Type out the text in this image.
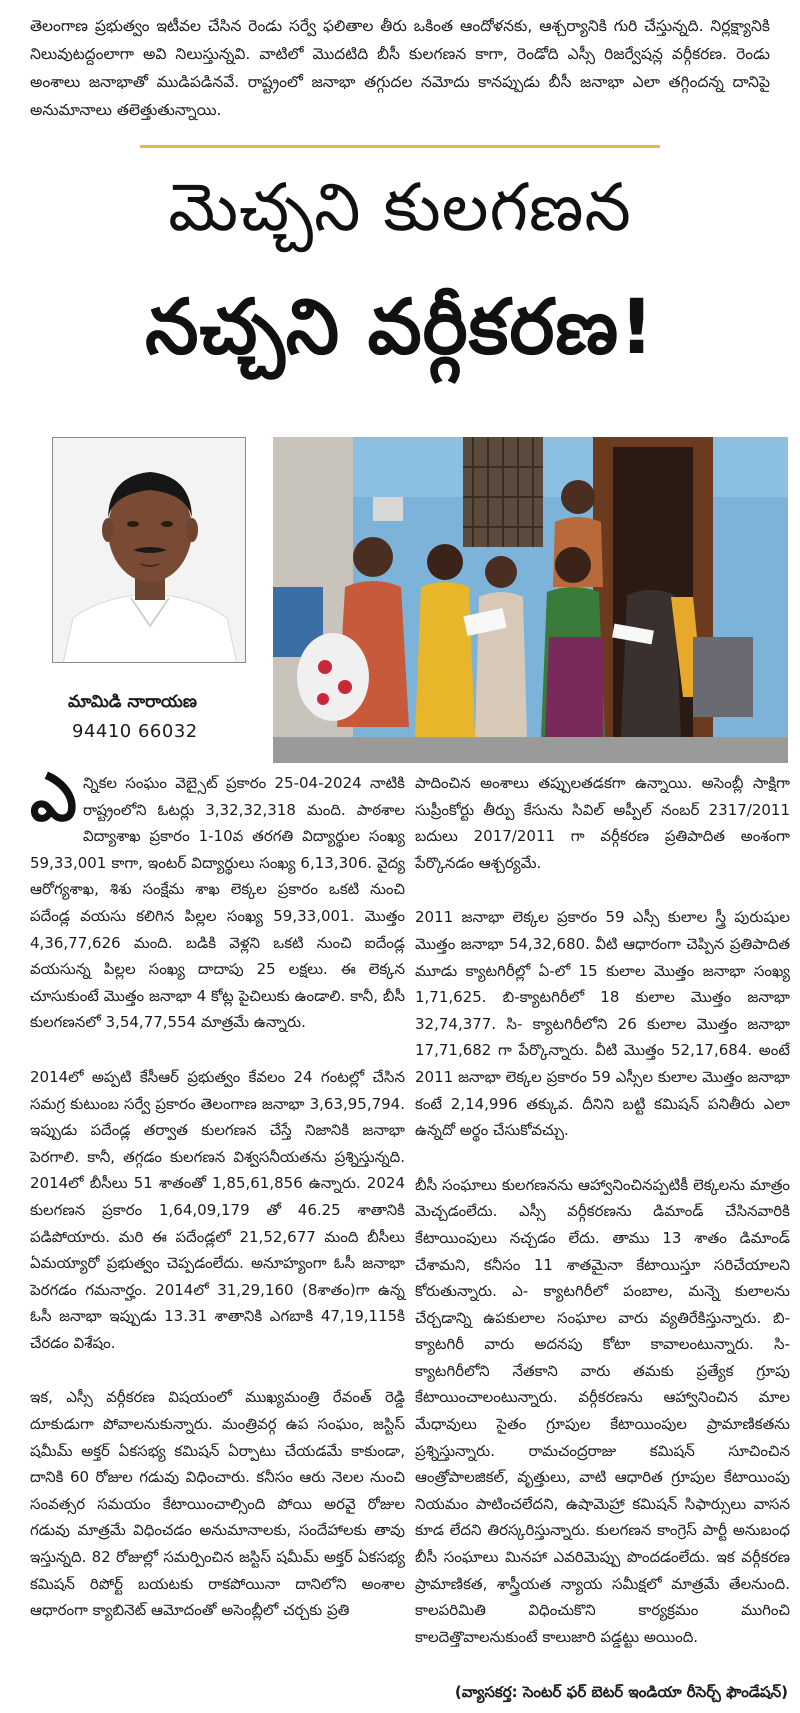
తెలంగాణ ప్రభుత్వం ఇటీవల చేసిన రెండు సర్వే ఫలితాల తీరు ఒకింత ఆందోళనకు, ఆశ్చర్యానికి గురి చేస్తున్నది. నిర్లక్ష్యానికి నిలువుటద్దంలాగా అవి నిలుస్తున్నవి. వాటిలో మొదటిది బీసీ కులగణన కాగా, రెండోది ఎస్సీ రిజర్వేషన్ల వర్గీకరణ. రెండు అంశాలు జనాభాతో ముడిపడినవే. రాష్ట్రంలో జనాభా తగ్గుదల నమోదు కానప్పుడు బీసీ జనాభా ఎలా తగ్గిందన్న దానిపై అనుమానాలు తలెత్తుతున్నాయి.
మెచ్చని కులగణన
నచ్చని వర్గీకరణ!
మామిడి నారాయణ
94410 66032

ఎన్నికల సంఘం వెబ్సైట్ ప్రకారం 25-04-2024 నాటికి రాష్ట్రంలోని ఓటర్లు 3,32,32,318 మంది. పాఠశాల విద్యాశాఖ ప్రకారం 1-10వ తరగతి విద్యార్థుల సంఖ్య 59,33,001 కాగా, ఇంటర్ విద్యార్థులు సంఖ్య 6,13,306. వైద్య ఆరోగ్యశాఖ, శిశు సంక్షేమ శాఖ లెక్కల ప్రకారం ఒకటి నుంచి పదేండ్ల వయసు కలిగిన పిల్లల సంఖ్య 59,33,001. మొత్తం 4,36,77,626 మంది. బడికి వెళ్లని ఒకటి నుంచి ఐదేండ్ల వయసున్న పిల్లల సంఖ్య దాదాపు 25 లక్షలు. ఈ లెక్కన చూసుకుంటే మొత్తం జనాభా 4 కోట్ల పైచిలుకు ఉండాలి. కానీ, బీసీ కులగణనలో 3,54,77,554 మాత్రమే ఉన్నారు.

2014లో అప్పటి కేసీఆర్ ప్రభుత్వం కేవలం 24 గంటల్లో చేసిన సమగ్ర కుటుంబ సర్వే ప్రకారం తెలంగాణ జనాభా 3,63,95,794. ఇప్పుడు పదేండ్ల తర్వాత కులగణన చేస్తే నిజానికి జనాభా పెరగాలి. కానీ, తగ్గడం కులగణన విశ్వసనీయతను ప్రశ్నిస్తున్నది. 2014లో బీసీలు 51 శాతంతో 1,85,61,856 ఉన్నారు. 2024 కులగణన ప్రకారం 1,64,09,179 తో 46.25 శాతానికి పడిపోయారు. మరి ఈ పదేండ్లలో 21,52,677 మంది బీసీలు ఏమయ్యారో ప్రభుత్వం చెప్పడంలేదు. అనూహ్యంగా ఓసీ జనాభా పెరగడం గమనార్హం. 2014లో 31,29,160 (8శాతం)గా ఉన్న ఓసీ జనాభా ఇప్పుడు 13.31 శాతానికి ఎగబాకి 47,19,115కి చేరడం విశేషం.

ఇక, ఎస్సీ వర్గీకరణ విషయంలో ముఖ్యమంత్రి రేవంత్ రెడ్డి దూకుడుగా పోవాలనుకున్నారు. మంత్రివర్గ ఉప సంఘం, జస్టిస్ షమీమ్ అక్తర్ ఏకసభ్య కమిషన్ ఏర్పాటు చేయడమే కాకుండా, దానికి 60 రోజుల గడువు విధించారు. కనీసం ఆరు నెలల నుంచి సంవత్సర సమయం కేటాయించాల్సింది పోయి అరవై రోజుల గడువు మాత్రమే విధించడం అనుమానాలకు, సందేహాలకు తావు ఇస్తున్నది. 82 రోజుల్లో సమర్పించిన జస్టిస్ షమీమ్ అక్తర్ ఏకసభ్య కమిషన్ రిపోర్ట్ బయటకు రాకపోయినా దానిలోని అంశాల ఆధారంగా క్యాబినెట్ ఆమోదంతో అసెంబ్లీలో చర్చకు ప్రతి

పాదించిన అంశాలు తప్పులతడకగా ఉన్నాయి. అసెంబ్లీ సాక్షిగా సుప్రీంకోర్టు తీర్పు కేసును సివిల్ అప్పీల్ నంబర్ 2317/2011 బదులు 2017/2011 గా వర్గీకరణ ప్రతిపాదిత అంశంగా పేర్కొనడం ఆశ్చర్యమే.

2011 జనాభా లెక్కల ప్రకారం 59 ఎస్సీ కులాల స్త్రీ పురుషుల మొత్తం జనాభా 54,32,680. వీటి ఆధారంగా చెప్పిన ప్రతిపాదిత మూడు క్యాటగిరీల్లో ఏ-లో 15 కులాల మొత్తం జనాభా సంఖ్య 1,71,625. బి-క్యాటగిరీలో 18 కులాల మొత్తం జనాభా 32,74,377. సి- క్యాటగిరీలోని 26 కులాల మొత్తం జనాభా 17,71,682 గా పేర్కొన్నారు. వీటి మొత్తం 52,17,684. అంటే 2011 జనాభా లెక్కల ప్రకారం 59 ఎస్సీల కులాల మొత్తం జనాభా కంటే 2,14,996 తక్కువ. దీనిని బట్టి కమిషన్ పనితీరు ఎలా ఉన్నదో అర్థం చేసుకోవచ్చు.

బీసీ సంఘాలు కులగణనను ఆహ్వానించినప్పటికీ లెక్కలను మాత్రం మెచ్చడంలేదు. ఎస్సీ వర్గీకరణను డిమాండ్ చేసినవారికి కేటాయింపులు నచ్చడం లేదు. తాము 13 శాతం డిమాండ్ చేశామని, కనీసం 11 శాతమైనా కేటాయిస్తూ సరిచేయాలని కోరుతున్నారు. ఎ- క్యాటగిరీలో పంబాల, మన్నె కులాలను చేర్చడాన్ని ఉపకులాల సంఘాల వారు వ్యతిరేకిస్తున్నారు. బి-క్యాటగిరీ వారు అదనపు కోటా కావాలంటున్నారు. సి- క్యాటగిరీలోని నేతకాని వారు తమకు ప్రత్యేక గ్రూపు కేటాయించాలంటున్నారు. వర్గీకరణను ఆహ్వానించిన మాల మేధావులు సైతం గ్రూపుల కేటాయింపుల ప్రామాణికతను ప్రశ్నిస్తున్నారు. రామచంద్రరాజు కమిషన్ సూచించిన ఆంత్రోపాలజికల్, వృత్తులు, వాటి ఆధారిత గ్రూపుల కేటాయింపు నియమం పాటించలేదని, ఉషామెహ్రా కమిషన్ సిఫార్సులు వాసన కూడ లేదని తిరస్కరిస్తున్నారు. కులగణన కాంగ్రెస్ పార్టీ అనుబంధ బీసీ సంఘాలు మినహా ఎవరిమెప్పు పొందడంలేదు. ఇక వర్గీకరణ ప్రామాణికత, శాస్త్రీయత న్యాయ సమీక్షలో మాత్రమే తేలనుంది. కాలపరిమితి విధించుకొని కార్యక్రమం ముగించి కాలదెత్తొవాలనుకుంటే కాలుజారి పడ్డట్టు అయింది.

(వ్యాసకర్త: సెంటర్ ఫర్ బెటర్ ఇండియా రీసెర్చ్ ఫౌండేషన్)
